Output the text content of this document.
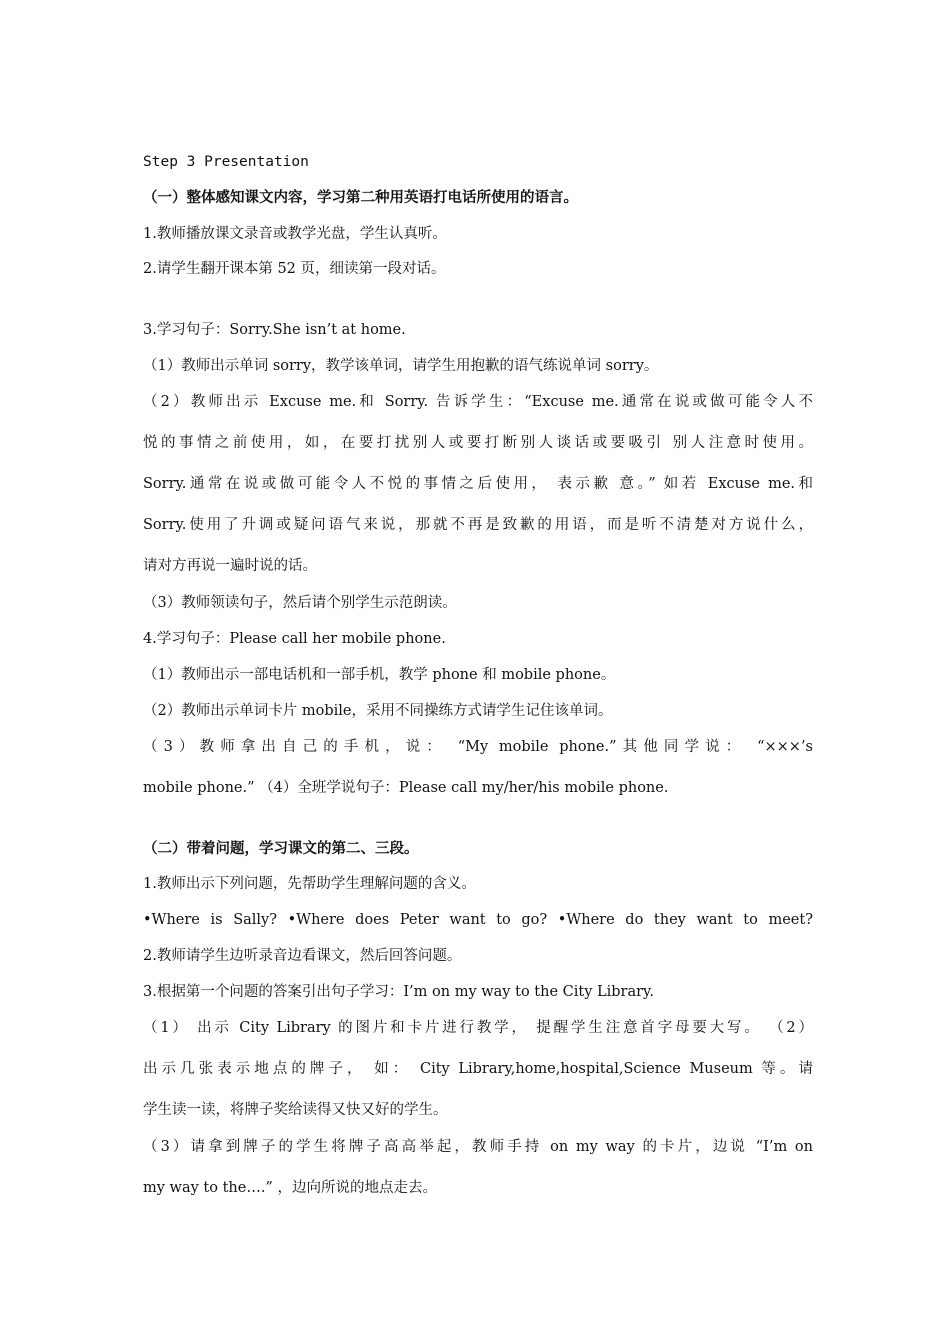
Step 3 Presentation
（一）整体感知课文内容，学习第二种用英语打电话所使用的语言。
1.教师播放课文录音或教学光盘，学生认真听。
2.请学生翻开课本第 52 页，细读第一段对话。
3.学习句子：Sorry.She isn’t at home.
（1）教师出示单词 sorry，教学该单词，请学生用抱歉的语气练说单词 sorry。
（2）教师出示 Excuse me.和 Sorry. 告诉学生：“Excuse me.通常在说或做可能令人不
悦的事情之前使用，如，在要打扰别人或要打断别人谈话或要吸引 别人注意时使用。
Sorry.通常在说或做可能令人不悦的事情之后使用， 表示歉 意。” 如若 Excuse me.和
Sorry.使用了升调或疑问语气来说，那就不再是致歉的用语，而是听不清楚对方说什么，
请对方再说一遍时说的话。
（3）教师领读句子，然后请个别学生示范朗读。
4.学习句子：Please call her mobile phone.
（1）教师出示一部电话机和一部手机，教学 phone 和 mobile phone。
（2）教师出示单词卡片 mobile，采用不同操练方式请学生记住该单词。
（3）教师拿出自己的手机，说： “My mobile phone.”其他同学说： “×××’s
mobile phone.” （4）全班学说句子：Please call my/her/his mobile phone.
（二）带着问题，学习课文的第二、三段。
1.教师出示下列问题，先帮助学生理解问题的含义。
•Where is Sally? •Where does Peter want to go? •Where do they want to meet?
2.教师请学生边听录音边看课文，然后回答问题。
3.根据第一个问题的答案引出句子学习：I’m on my way to the City Library.
（1） 出示 City Library 的图片和卡片进行教学， 提醒学生注意首字母要大写。 （2）
出示几张表示地点的牌子， 如： City Library,home,hospital,Science Museum 等。请
学生读一读，将牌子奖给读得又快又好的学生。
（3）请拿到牌子的学生将牌子高高举起，教师手持 on my way 的卡片，边说 “I’m on
my way to the….” ，边向所说的地点走去。
